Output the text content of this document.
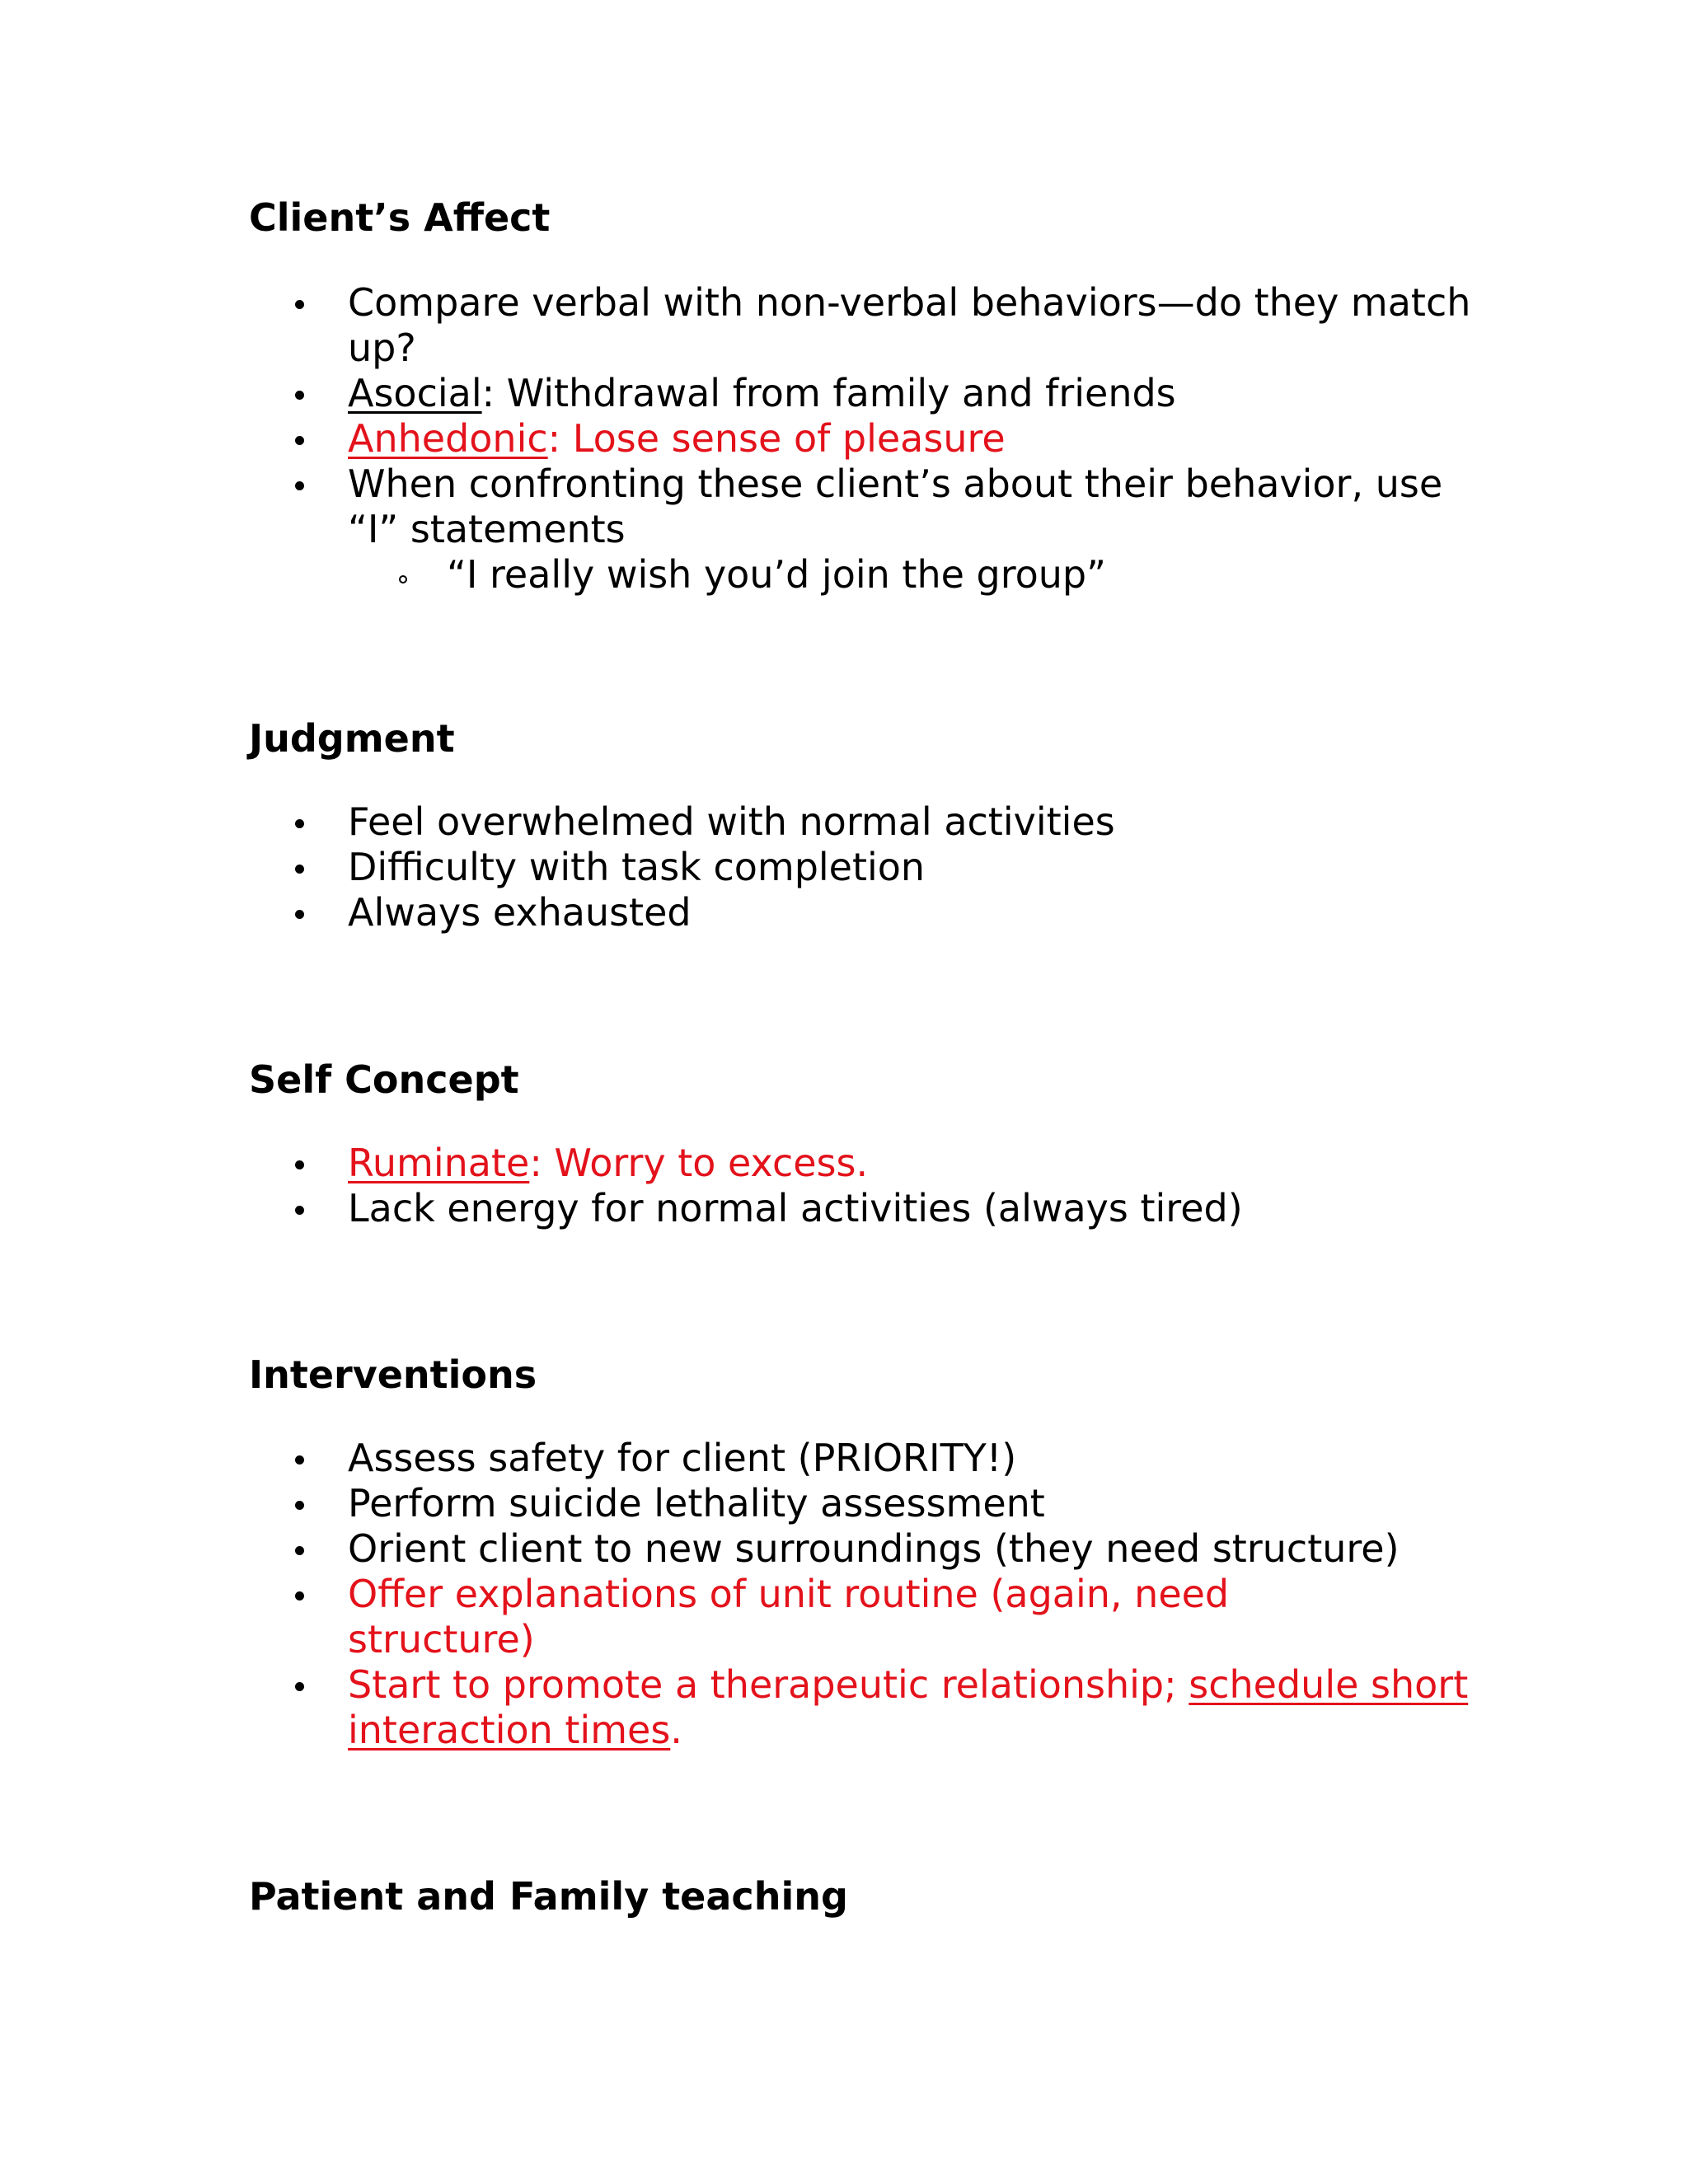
Client’s Affect
Compare verbal with non-verbal behaviors—do they match up?
Asocial: Withdrawal from family and friends
Anhedonic: Lose sense of pleasure
When confronting these client’s about their behavior, use “I” statements
“I really wish you’d join the group”
Judgment
Feel overwhelmed with normal activities
Difficulty with task completion
Always exhausted
Self Concept
Ruminate: Worry to excess.
Lack energy for normal activities (always tired)
Interventions
Assess safety for client (PRIORITY!)
Perform suicide lethality assessment
Orient client to new surroundings (they need structure)
Offer explanations of unit routine (again, need structure)
Start to promote a therapeutic relationship; schedule short interaction times.
Patient and Family teaching
